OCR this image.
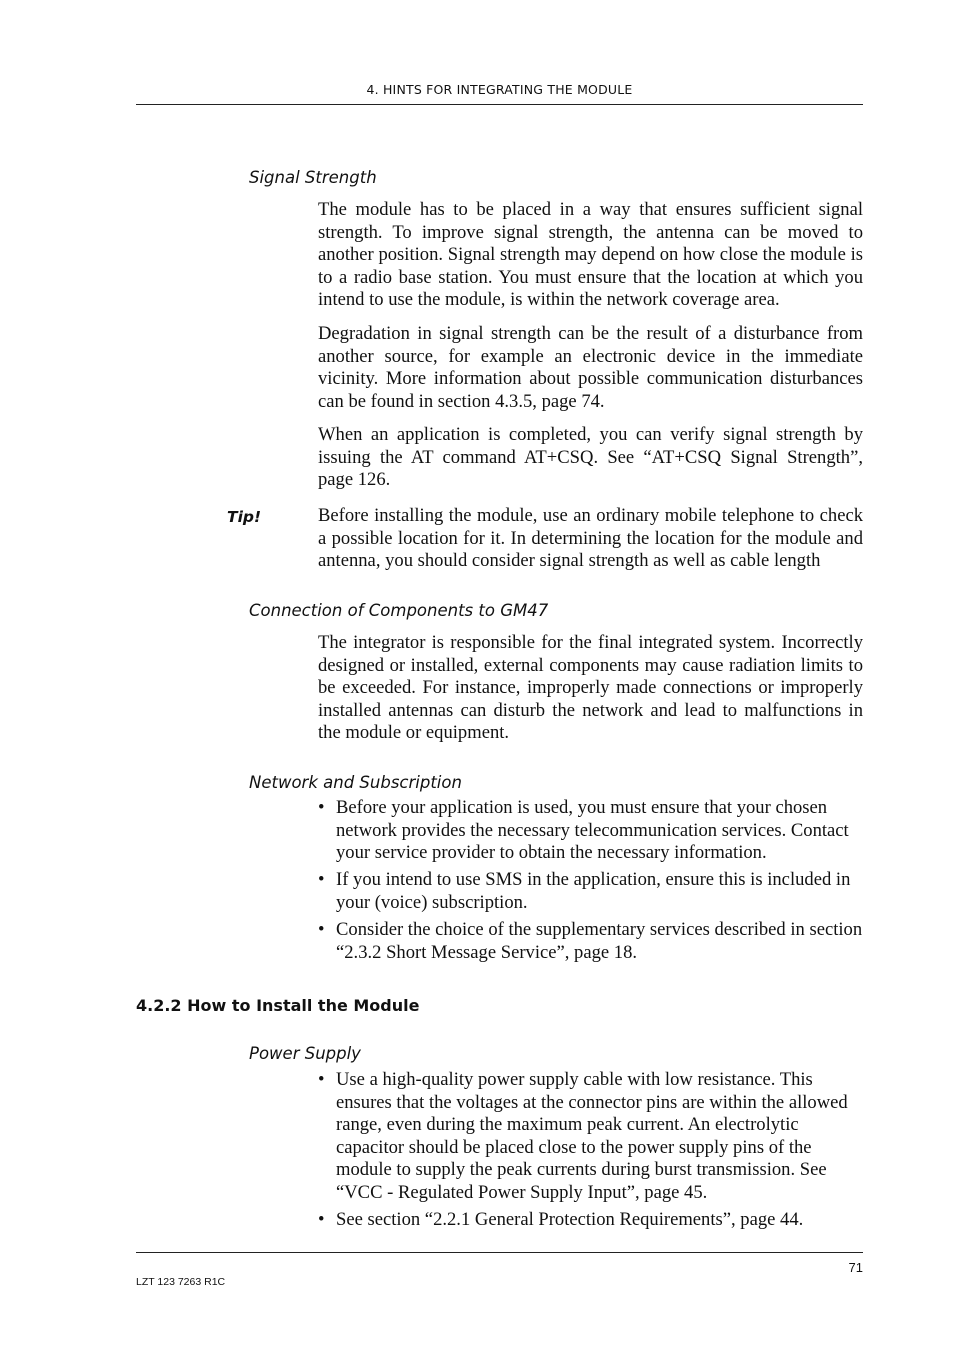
4. HINTS FOR INTEGRATING THE MODULE
Signal Strength
The module has to be placed in a way that ensures sufficient signal strength. To improve signal strength, the antenna can be moved to another position. Signal strength may depend on how close the module is to a radio base station. You must ensure that the location at which you intend to use the module, is within the network coverage area.
Degradation in signal strength can be the result of a disturbance from another source, for example an electronic device in the immediate vicinity. More information about possible communication disturbances can be found in section 4.3.5, page 74.
When an application is completed, you can verify signal strength by issuing the AT command AT+CSQ. See “AT+CSQ Signal Strength”, page 126.
Tip!	Before installing the module, use an ordinary mobile telephone to check a possible location for it. In determining the location for the module and antenna, you should consider signal strength as well as cable length
Connection of Components to GM47
The integrator is responsible for the final integrated system. Incorrectly designed or installed, external components may cause radiation limits to be exceeded. For instance, improperly made connections or improperly installed antennas can disturb the network and lead to malfunctions in the module or equipment.
Network and Subscription
• Before your application is used, you must ensure that your chosen network provides the necessary telecommunication services. Contact your service provider to obtain the necessary information.
• If you intend to use SMS in the application, ensure this is included in your (voice) subscription.
• Consider the choice of the supplementary services described in section “2.3.2 Short Message Service”, page 18.
4.2.2 How to Install the Module
Power Supply
• Use a high-quality power supply cable with low resistance. This ensures that the voltages at the connector pins are within the allowed range, even during the maximum peak current. An electrolytic capacitor should be placed close to the power supply pins of the module to supply the peak currents during burst transmission. See “VCC - Regulated Power Supply Input”, page 45.
• See section “2.2.1 General Protection Requirements”, page 44.
71
LZT 123 7263 R1C
